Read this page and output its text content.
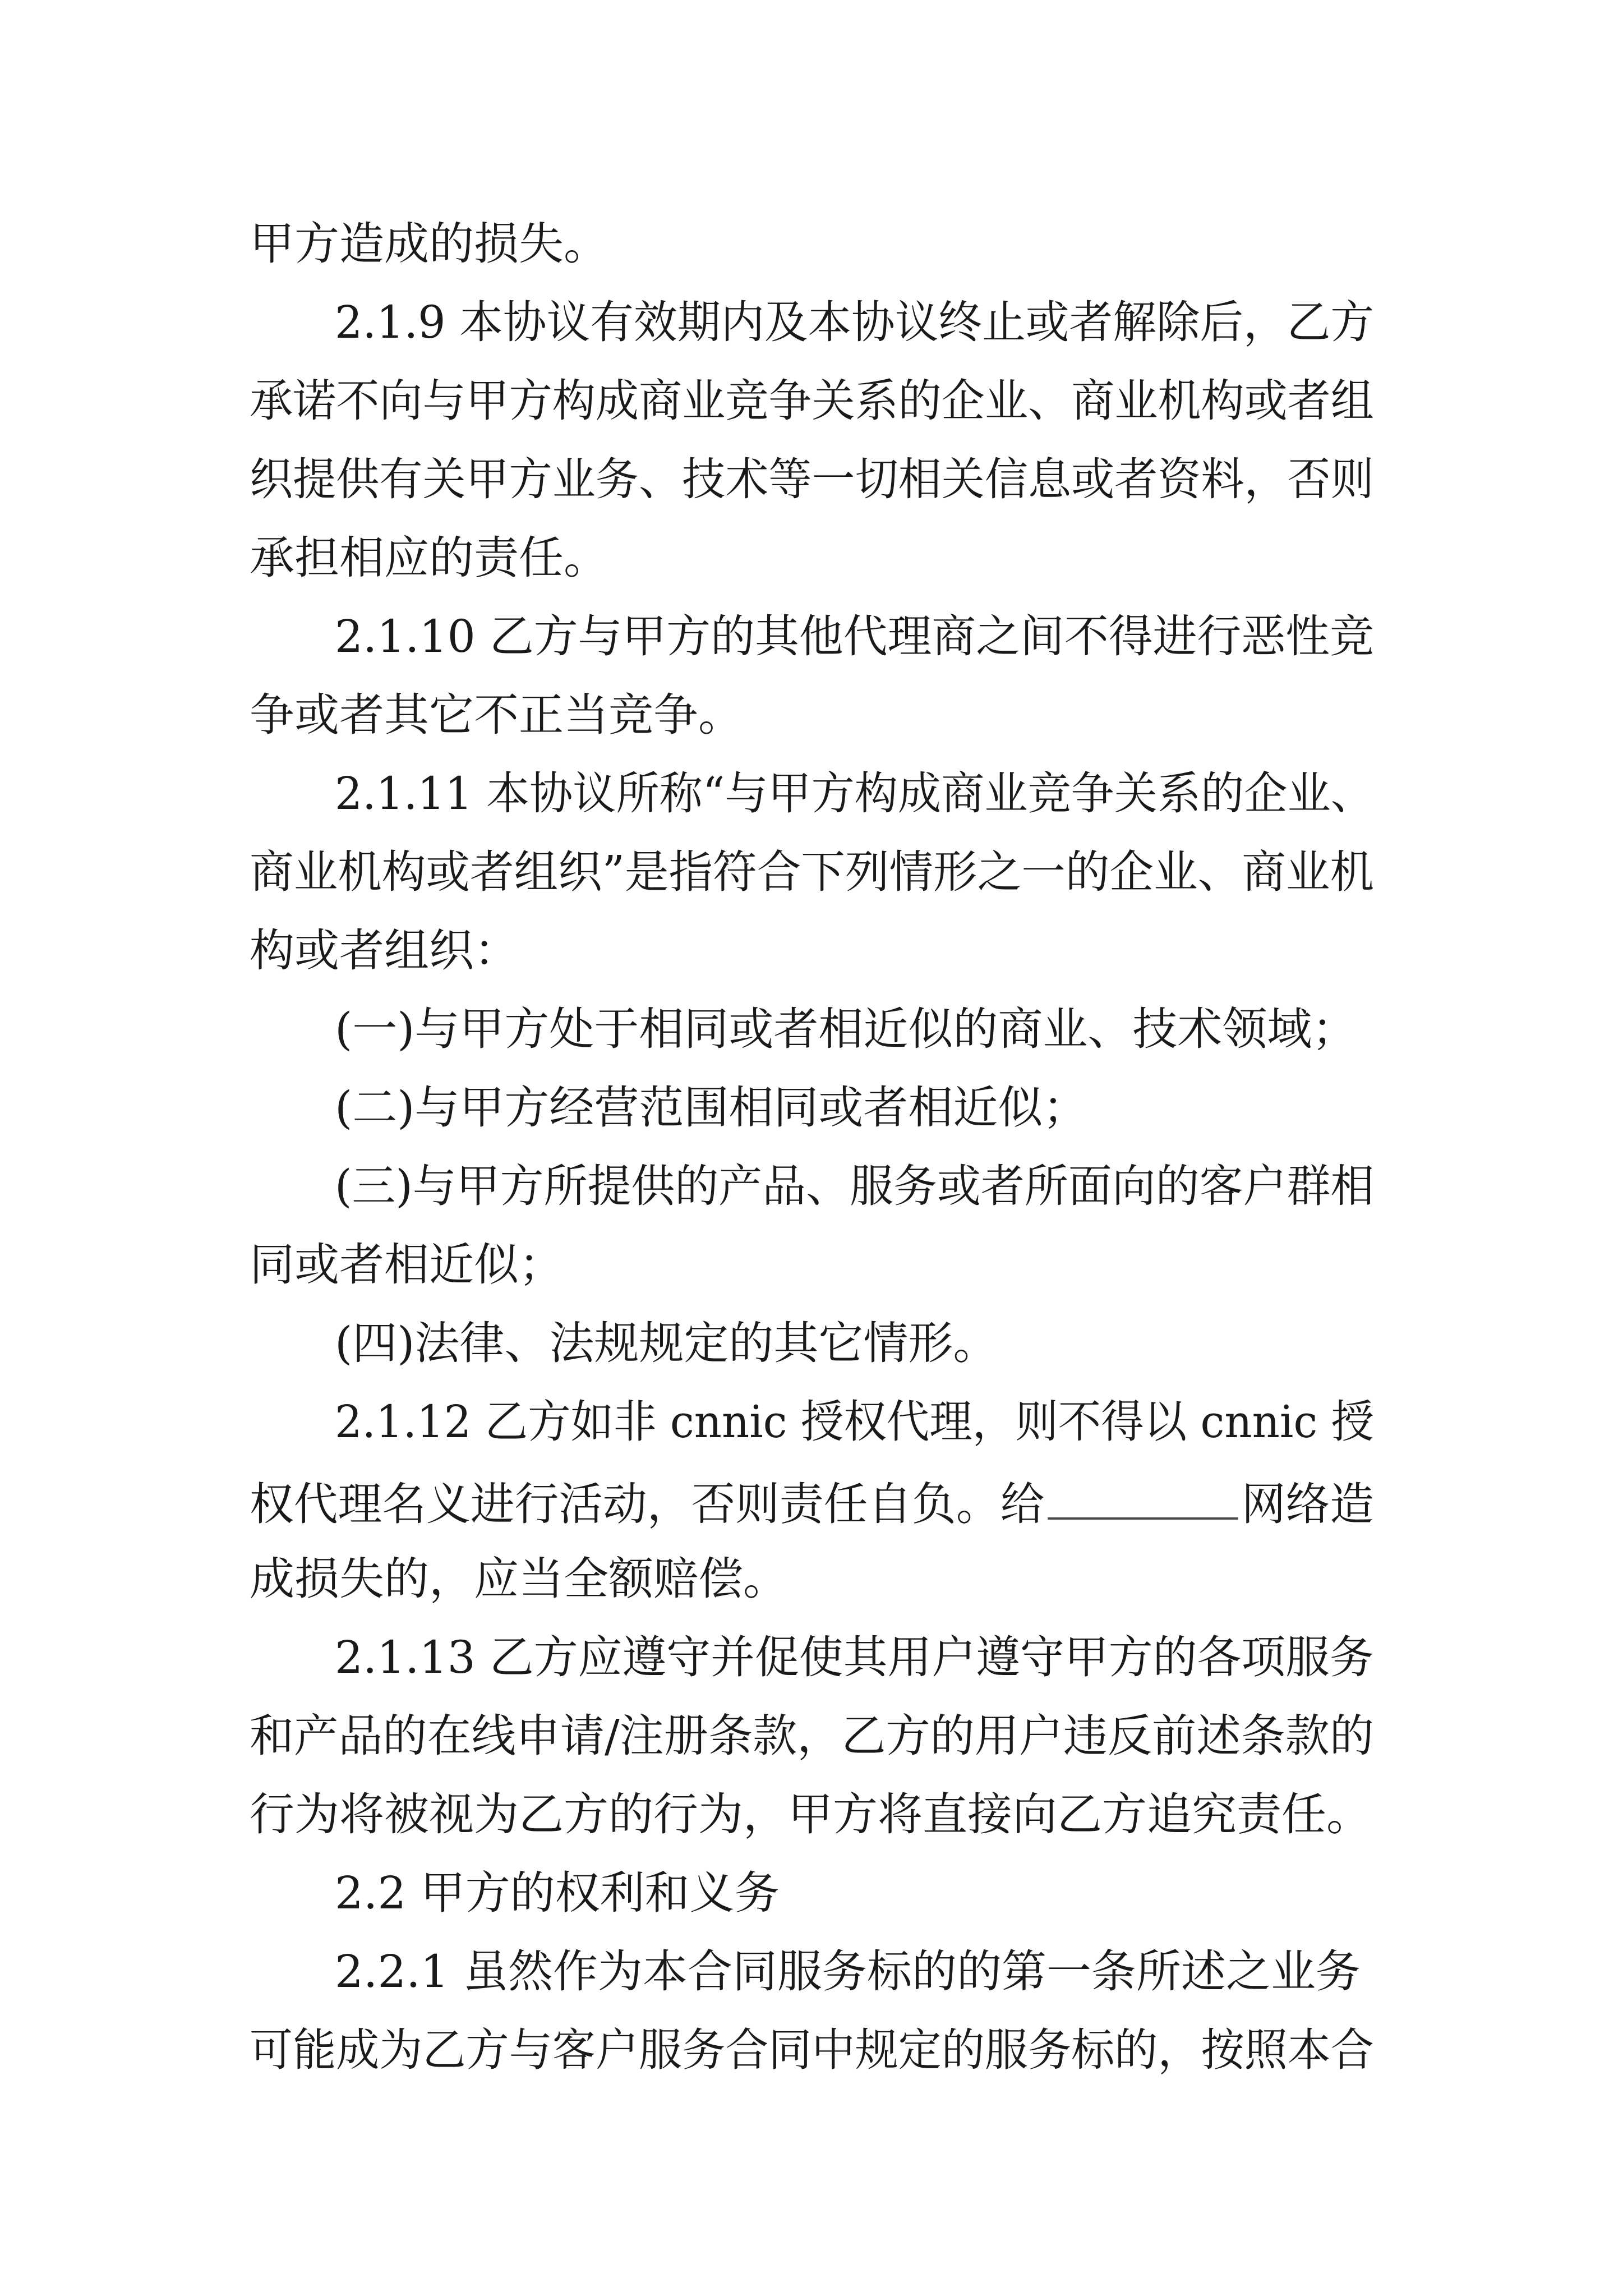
甲方造成的损失。
2.1.9 本协议有效期内及本协议终止或者解除后，乙方
承诺不向与甲方构成商业竞争关系的企业、商业机构或者组
织提供有关甲方业务、技术等一切相关信息或者资料，否则
承担相应的责任。
2.1.10 乙方与甲方的其他代理商之间不得进行恶性竞
争或者其它不正当竞争。
2.1.11 本协议所称“与甲方构成商业竞争关系的企业、
商业机构或者组织”是指符合下列情形之一的企业、商业机
构或者组织：
(一)与甲方处于相同或者相近似的商业、技术领域；
(二)与甲方经营范围相同或者相近似；
(三)与甲方所提供的产品、服务或者所面向的客户群相
同或者相近似；
(四)法律、法规规定的其它情形。
2.1.12 乙方如非 cnnic 授权代理，则不得以 cnnic 授
权代理名义进行活动，否则责任自负。给	网络造
成损失的，应当全额赔偿。
2.1.13 乙方应遵守并促使其用户遵守甲方的各项服务
和产品的在线申请/注册条款，乙方的用户违反前述条款的
行为将被视为乙方的行为，甲方将直接向乙方追究责任。
2.2 甲方的权利和义务
2.2.1 虽然作为本合同服务标的的第一条所述之业务
可能成为乙方与客户服务合同中规定的服务标的，按照本合
